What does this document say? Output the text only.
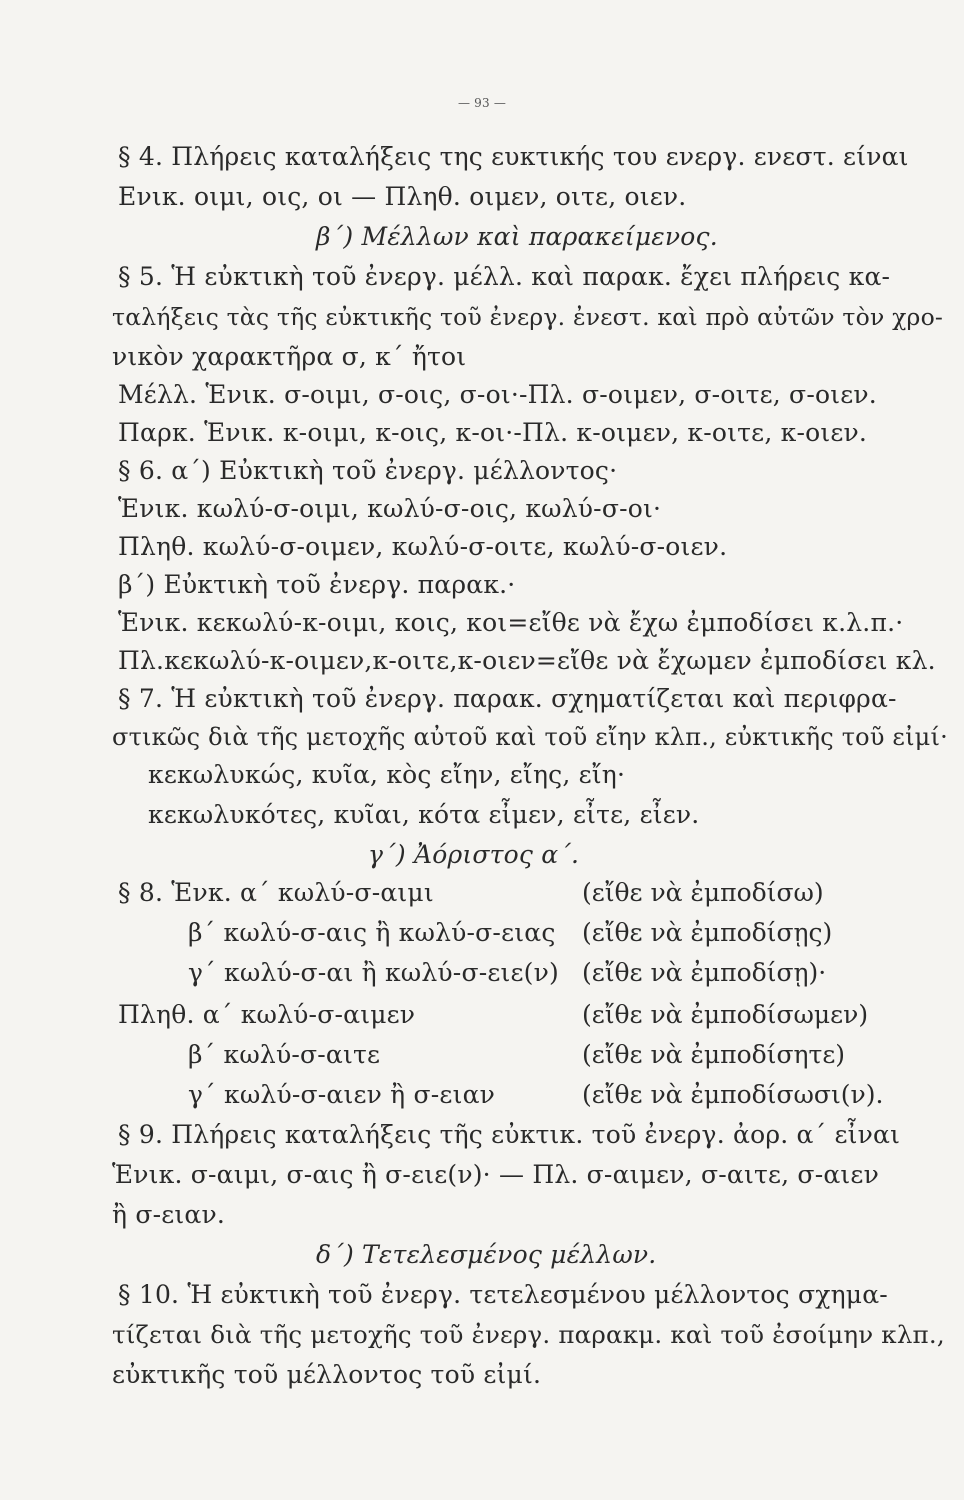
— 93 —
§ 4. Πλήρεις καταλήξεις της ευκτικής του ενεργ. ενεστ. είναι
Ενικ. οιμι, οις, οι — Πληθ. οιμεν, οιτε, οιεν.
β΄) Μέλλων καὶ παρακείμενος.
§ 5. Ἡ εὐκτικὴ τοῦ ἐνεργ. μέλλ. καὶ παρακ. ἔχει πλήρεις κα-
ταλήξεις τὰς τῆς εὐκτικῆς τοῦ ἐνεργ. ἐνεστ. καὶ πρὸ αὐτῶν τὸν χρο-
νικὸν χαρακτῆρα σ, κ΄ ἤτοι
Μέλλ. Ἑνικ. σ-οιμι, σ-οις, σ-οι·-Πλ. σ-οιμεν, σ-οιτε, σ-οιεν.
Παρκ. Ἑνικ. κ-οιμι, κ-οις, κ-οι·-Πλ. κ-οιμεν, κ-οιτε, κ-οιεν.
§ 6. α΄) Εὐκτικὴ τοῦ ἐνεργ. μέλλοντος·
Ἑνικ. κωλύ-σ-οιμι, κωλύ-σ-οις, κωλύ-σ-οι·
Πληθ. κωλύ-σ-οιμεν, κωλύ-σ-οιτε, κωλύ-σ-οιεν.
β΄) Εὐκτικὴ τοῦ ἐνεργ. παρακ.·
Ἑνικ. κεκωλύ-κ-οιμι, κοις, κοι=εἴθε νὰ ἔχω ἐμποδίσει κ.λ.π.·
Πλ.κεκωλύ-κ-οιμεν,κ-οιτε,κ-οιεν=εἴθε νὰ ἔχωμεν ἐμποδίσει κλ.
§ 7. Ἡ εὐκτικὴ τοῦ ἐνεργ. παρακ. σχηματίζεται καὶ περιφρα-
στικῶς διὰ τῆς μετοχῆς αὐτοῦ καὶ τοῦ εἴην κλπ., εὐκτικῆς τοῦ εἰμί·
κεκωλυκώς, κυῖα, κὸς εἴην, εἴης, εἴη·
κεκωλυκότες, κυῖαι, κότα εἶμεν, εἶτε, εἶεν.
γ΄) Ἀόριστος α΄.
§ 8. Ἑνκ. α΄ κωλύ-σ-αιμι	(εἴθε νὰ ἐμποδίσω)
β΄ κωλύ-σ-αις ἢ κωλύ-σ-ειας (εἴθε νὰ ἐμποδίσῃς)
γ΄ κωλύ-σ-αι ἢ κωλύ-σ-ειε(ν) (εἴθε νὰ ἐμποδίσῃ)·
Πληθ. α΄ κωλύ-σ-αιμεν	(εἴθε νὰ ἐμποδίσωμεν)
β΄ κωλύ-σ-αιτε	(εἴθε νὰ ἐμποδίσητε)
γ΄ κωλύ-σ-αιεν ἢ σ-ειαν	(εἴθε νὰ ἐμποδίσωσι(ν).
§ 9. Πλήρεις καταλήξεις τῆς εὐκτικ. τοῦ ἐνεργ. ἀορ. α΄ εἶναι
Ἑνικ. σ-αιμι, σ-αις ἢ σ-ειε(ν)· — Πλ. σ-αιμεν, σ-αιτε, σ-αιεν
ἢ σ-ειαν.
δ΄) Τετελεσμένος μέλλων.
§ 10. Ἡ εὐκτικὴ τοῦ ἐνεργ. τετελεσμένου μέλλοντος σχημα-
τίζεται διὰ τῆς μετοχῆς τοῦ ἐνεργ. παρακμ. καὶ τοῦ ἐσοίμην κλπ.,
εὐκτικῆς τοῦ μέλλοντος τοῦ εἰμί.
